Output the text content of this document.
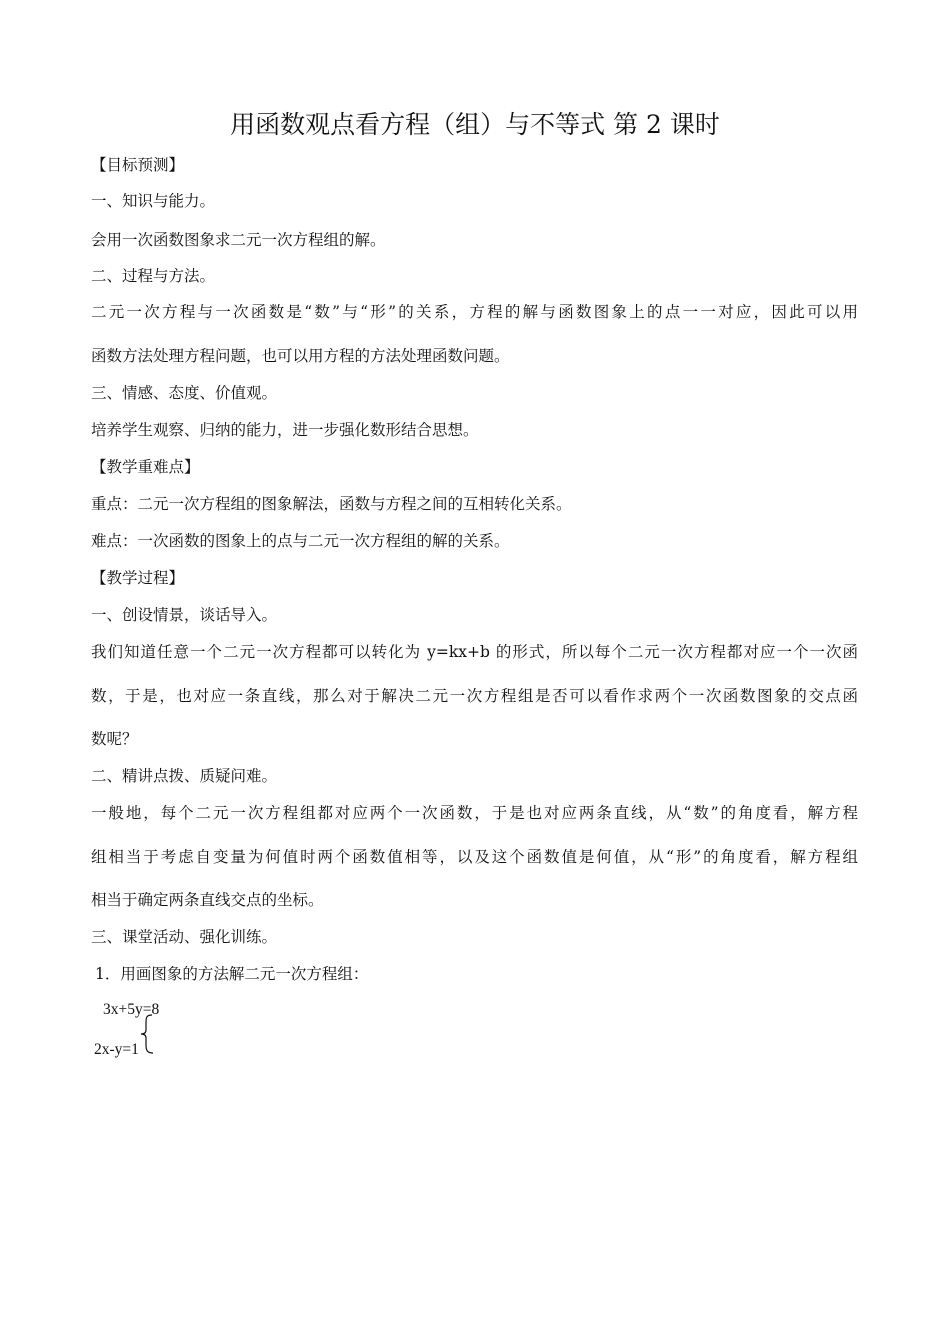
用函数观点看方程（组）与不等式 第 2 课时
【目标预测】
一、知识与能力。
会用一次函数图象求二元一次方程组的解。
二、过程与方法。
二元一次方程与一次函数是“数”与“形”的关系，方程的解与函数图象上的点一一对应，因此可以用
函数方法处理方程问题，也可以用方程的方法处理函数问题。
三、情感、态度、价值观。
培养学生观察、归纳的能力，进一步强化数形结合思想。
【教学重难点】
重点：二元一次方程组的图象解法，函数与方程之间的互相转化关系。
难点：一次函数的图象上的点与二元一次方程组的解的关系。
【教学过程】
一、创设情景，谈话导入。
我们知道任意一个二元一次方程都可以转化为 y=kx+b 的形式，所以每个二元一次方程都对应一个一次函
数，于是，也对应一条直线，那么对于解决二元一次方程组是否可以看作求两个一次函数图象的交点函
数呢？
二、精讲点拨、质疑问难。
一般地，每个二元一次方程组都对应两个一次函数，于是也对应两条直线，从“数”的角度看，解方程
组相当于考虑自变量为何值时两个函数值相等，以及这个函数值是何值，从“形”的角度看，解方程组
相当于确定两条直线交点的坐标。
三、课堂活动、强化训练。
1．用画图象的方法解二元一次方程组：
3x+5y=8
2x-y=1
